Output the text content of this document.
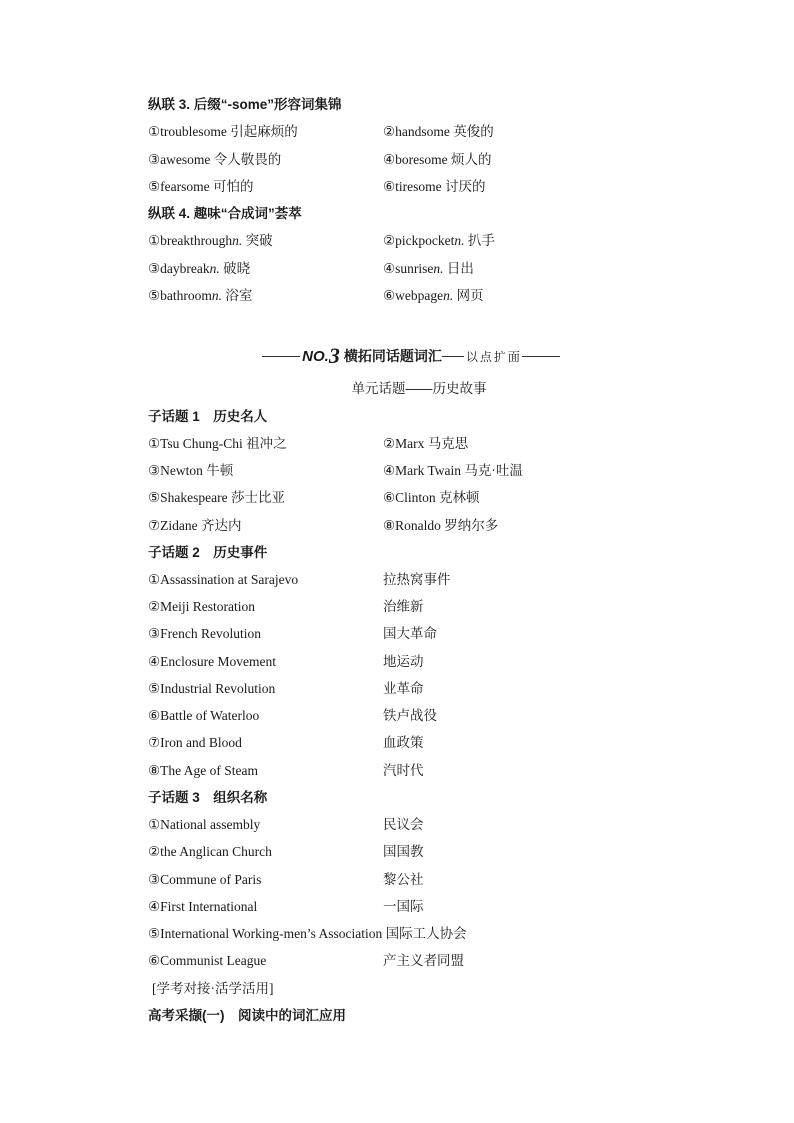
纵联 3. 后缀“-some”形容词集锦
①troublesome 引起麻烦的	②handsome 英俊的
③awesome 令人敬畏的	④boresome 烦人的
⑤fearsome 可怕的	⑥tiresome 讨厌的
纵联 4. 趣味“合成词”荟萃
①breakthroughn. 突破	②pickpocketn. 扒手
③daybreakn. 破晓	④sunrisen. 日出
⑤bathroomn. 浴室	⑥webpagen. 网页
NO. 3 横拓同话题词汇 以点扩面
单元话题——历史故事
子话题 1　历史名人
①Tsu Chung-Chi 祖冲之	②Marx 马克思
③Newton 牛顿	④Mark Twain 马克·吐温
⑤Shakespeare 莎士比亚	⑥Clinton 克林顿
⑦Zidane 齐达内	⑧Ronaldo 罗纳尔多
子话题 2　历史事件
①Assassination at Sarajevo	拉热窝事件
②Meiji Restoration	治维新
③French Revolution	国大革命
④Enclosure Movement	地运动
⑤Industrial Revolution	业革命
⑥Battle of Waterloo	铁卢战役
⑦Iron and Blood	血政策
⑧The Age of Steam	汽时代
子话题 3　组织名称
①National assembly	民议会
②the Anglican Church	国国教
③Commune of Paris	黎公社
④First International	一国际
⑤International Working-men’s Association 国际工人协会
⑥Communist League	产主义者同盟
[学考对接·活学活用]
高考采撷(一)　阅读中的词汇应用
